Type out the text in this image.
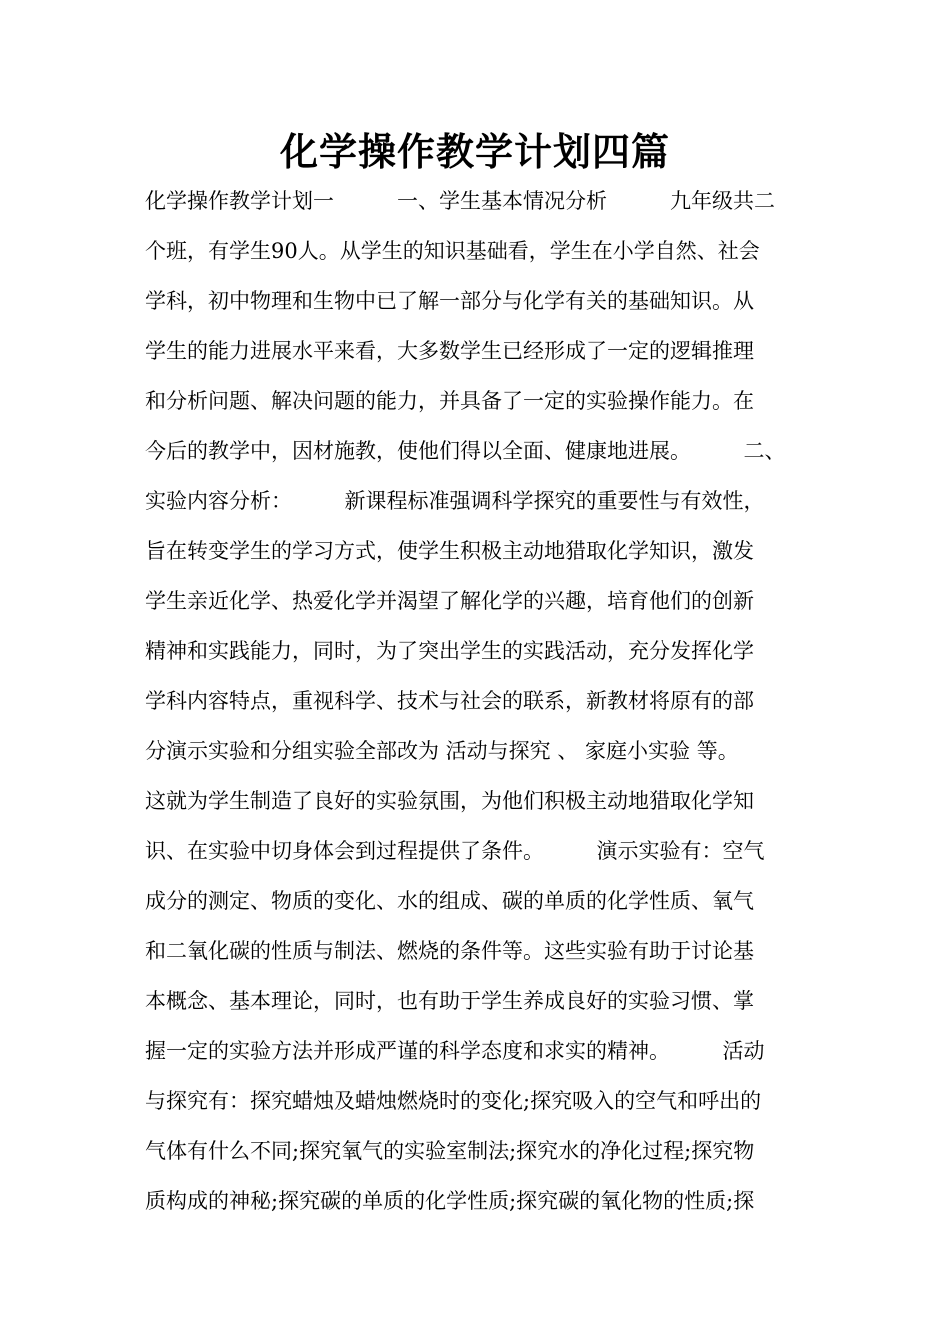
化学操作教学计划四篇
化学操作教学计划一　　　一、学生基本情况分析　　　九年级共二
个班，有学生90人。从学生的知识基础看，学生在小学自然、社会
学科，初中物理和生物中已了解一部分与化学有关的基础知识。从
学生的能力进展水平来看，大多数学生已经形成了一定的逻辑推理
和分析问题、解决问题的能力，并具备了一定的实验操作能力。在
今后的教学中，因材施教，使他们得以全面、健康地进展。　　　二、
实验内容分析：　　　新课程标准强调科学探究的重要性与有效性，
旨在转变学生的学习方式，使学生积极主动地猎取化学知识，激发
学生亲近化学、热爱化学并渴望了解化学的兴趣，培育他们的创新
精神和实践能力，同时，为了突出学生的实践活动，充分发挥化学
学科内容特点，重视科学、技术与社会的联系，新教材将原有的部
分演示实验和分组实验全部改为 活动与探究 、 家庭小实验 等。
这就为学生制造了良好的实验氛围，为他们积极主动地猎取化学知
识、在实验中切身体会到过程提供了条件。　　　演示实验有：空气
成分的测定、物质的变化、水的组成、碳的单质的化学性质、氧气
和二氧化碳的性质与制法、燃烧的条件等。这些实验有助于讨论基
本概念、基本理论，同时，也有助于学生养成良好的实验习惯、掌
握一定的实验方法并形成严谨的科学态度和求实的精神。　　　活动
与探究有：探究蜡烛及蜡烛燃烧时的变化;探究吸入的空气和呼出的
气体有什么不同;探究氧气的实验室制法;探究水的净化过程;探究物
质构成的神秘;探究碳的单质的化学性质;探究碳的氧化物的性质;探
